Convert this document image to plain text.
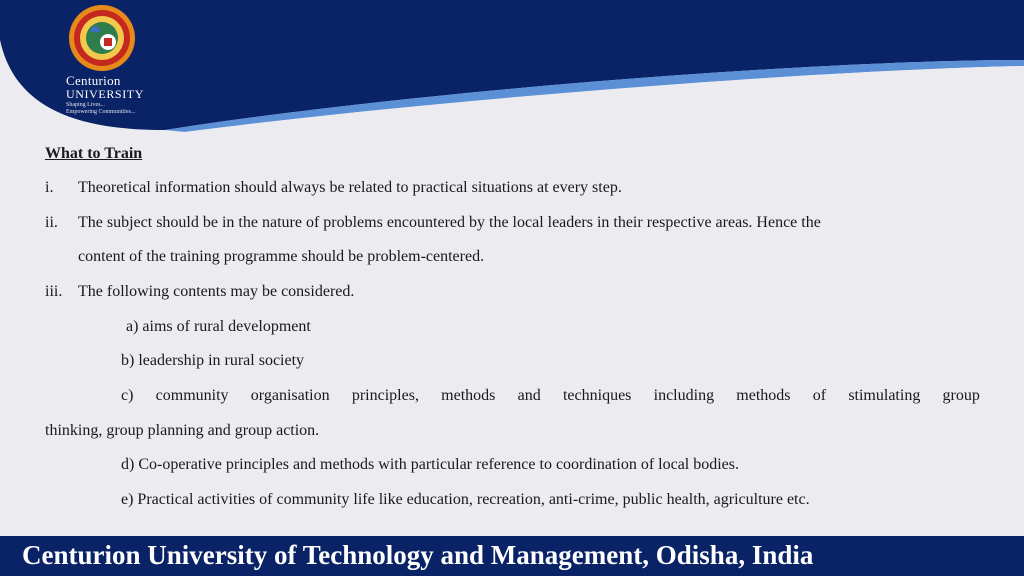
Centurion
UNIVERSITY
Shaping Lives...
Empowering Communities...

What to Train

i. Theoretical information should always be related to practical situations at every step.
ii. The subject should be in the nature of problems encountered by the local leaders in their respective areas. Hence the
content of the training programme should be problem-centered.
iii. The following contents may be considered.
a) aims of rural development
b) leadership in rural society
c) community organisation principles, methods and techniques including methods of stimulating group
thinking, group planning and group action.
d) Co-operative principles and methods with particular reference to coordination of local bodies.
e) Practical activities of community life like education, recreation, anti-crime, public health, agriculture etc.
Centurion University of Technology and Management, Odisha, India
